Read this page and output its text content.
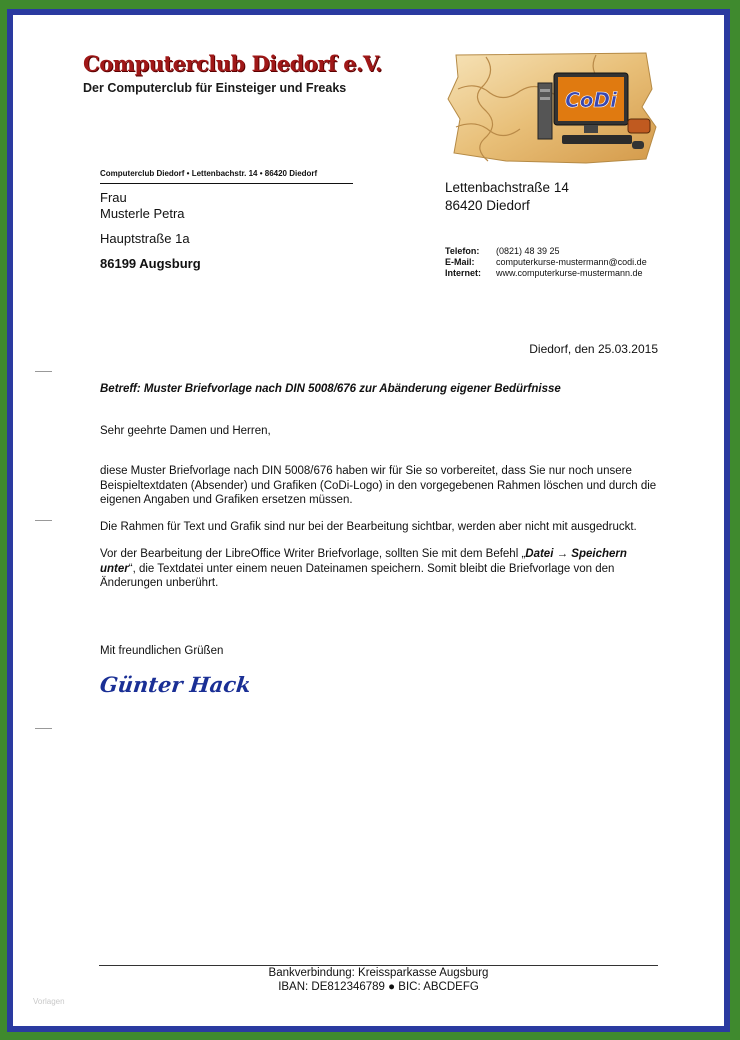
Computerclub Diedorf e.V.
Der Computerclub für Einsteiger und Freaks	CoDi
Computerclub Diedorf • Lettenbachstr. 14 • 86420 Diedorf
Frau
Musterle Petra
Hauptstraße 1a
86199 Augsburg
Lettenbachstraße 14
86420 Diedorf
Telefon: (0821) 48 39 25
E-Mail: computerkurse-mustermann@codi.de
Internet: www.computerkurse-mustermann.de
Diedorf, den 25.03.2015
Betreff: Muster Briefvorlage nach DIN 5008/676 zur Abänderung eigener Bedürfnisse
Sehr geehrte Damen und Herren,
diese Muster Briefvorlage nach DIN 5008/676 haben wir für Sie so vorbereitet, dass Sie nur noch unsere Beispieltextdaten (Absender) und Grafiken (CoDi-Logo) in den vorgegebenen Rahmen löschen und durch die eigenen Angaben und Grafiken ersetzen müssen.
Die Rahmen für Text und Grafik sind nur bei der Bearbeitung sichtbar, werden aber nicht mit ausgedruckt.
Vor der Bearbeitung der LibreOffice Writer Briefvorlage, sollten Sie mit dem Befehl „Datei → Speichern unter“, die Textdatei unter einem neuen Dateinamen speichern. Somit bleibt die Briefvorlage von den Änderungen unberührt.
Mit freundlichen Grüßen
Günter Hack
Bankverbindung: Kreissparkasse Augsburg
IBAN: DE812346789 ● BIC: ABCDEFG
Vorlagen
